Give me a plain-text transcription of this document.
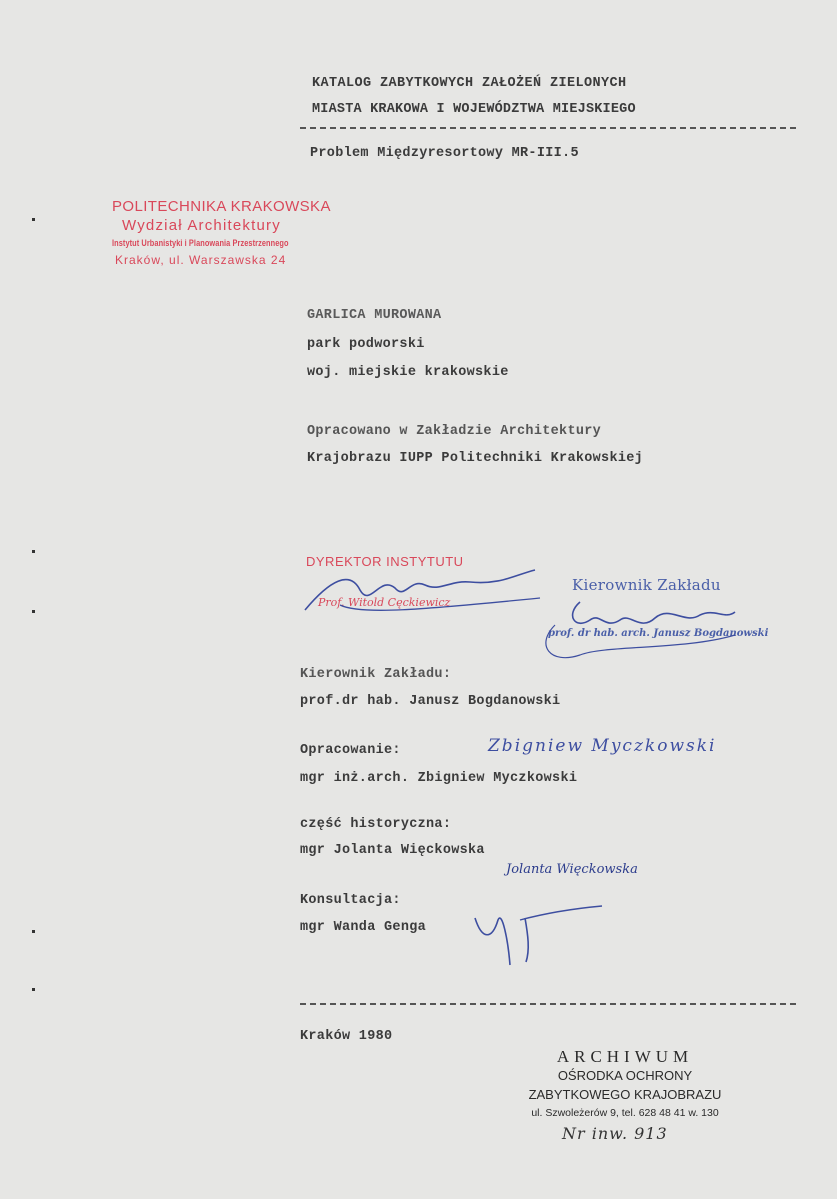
KATALOG ZABYTKOWYCH ZAŁOŻEŃ ZIELONYCH
MIASTA KRAKOWA I WOJEWÓDZTWA MIEJSKIEGO
Problem Międzyresortowy MR-III.5
POLITECHNIKA KRAKOWSKA
Wydział Architektury
Instytut Urbanistyki i Planowania Przestrzennego
Kraków, ul. Warszawska 24
GARLICA MUROWANA
park podworski
woj. miejskie krakowskie
Opracowano w Zakładzie Architektury
Krajobrazu IUPP Politechniki Krakowskiej
DYREKTOR INSTYTUTU
Prof. Witold Cęckiewicz
Kierownik Zakładu
prof. dr hab. arch. Janusz Bogdanowski
Kierownik Zakładu:
prof.dr hab. Janusz Bogdanowski
Opracowanie:	Zbigniew Myczkowski
mgr inż.arch. Zbigniew Myczkowski
część historyczna:
mgr Jolanta Więckowska
Jolanta Więckowska
Konsultacja:
mgr Wanda Genga
Kraków 1980
ARCHIWUM
OŚRODKA OCHRONY
ZABYTKOWEGO KRAJOBRAZU
ul. Szwoleżerów 9, tel. 628 48 41 w. 130
Nr inw. 913
